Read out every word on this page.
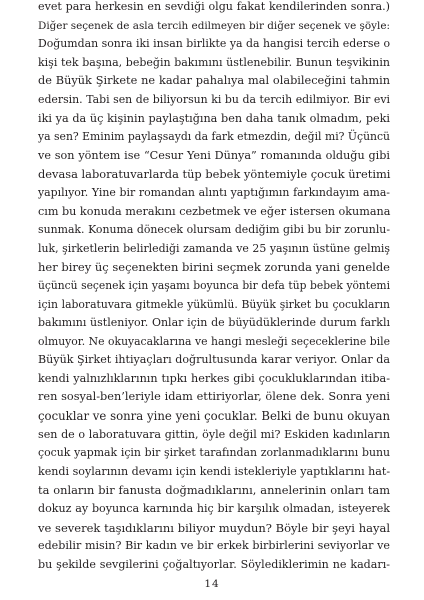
evet para herkesin en sevdiği olgu fakat kendilerinden sonra.)
Diğer seçenek de asla tercih edilmeyen bir diğer seçenek ve şöyle:
Doğumdan sonra iki insan birlikte ya da hangisi tercih ederse o
kişi tek başına, bebeğin bakımını üstlenebilir. Bunun teşvikinin
de Büyük Şirkete ne kadar pahalıya mal olabileceğini tahmin
edersin. Tabi sen de biliyorsun ki bu da tercih edilmiyor. Bir evi
iki ya da üç kişinin paylaştığına ben daha tanık olmadım, peki
ya sen? Eminim paylaşsaydı da fark etmezdin, değil mi? Üçüncü
ve son yöntem ise “Cesur Yeni Dünya” romanında olduğu gibi
devasa laboratuvarlarda tüp bebek yöntemiyle çocuk üretimi
yapılıyor. Yine bir romandan alıntı yaptığımın farkındayım ama-
cım bu konuda merakını cezbetmek ve eğer istersen okumana
sunmak. Konuma dönecek olursam dediğim gibi bu bir zorunlu-
luk, şirketlerin belirlediği zamanda ve 25 yaşının üstüne gelmiş
her birey üç seçenekten birini seçmek zorunda yani genelde
üçüncü seçenek için yaşamı boyunca bir defa tüp bebek yöntemi
için laboratuvara gitmekle yükümlü. Büyük şirket bu çocukların
bakımını üstleniyor. Onlar için de büyüdüklerinde durum farklı
olmuyor. Ne okuyacaklarına ve hangi mesleği seçeceklerine bile
Büyük Şirket ihtiyaçları doğrultusunda karar veriyor. Onlar da
kendi yalnızlıklarının tıpkı herkes gibi çocukluklarından itiba-
ren sosyal-ben’leriyle idam ettiriyorlar, ölene dek. Sonra yeni
çocuklar ve sonra yine yeni çocuklar. Belki de bunu okuyan
sen de o laboratuvara gittin, öyle değil mi? Eskiden kadınların
çocuk yapmak için bir şirket tarafından zorlanmadıklarını bunu
kendi soylarının devamı için kendi istekleriyle yaptıklarını hat-
ta onların bir fanusta doğmadıklarını, annelerinin onları tam
dokuz ay boyunca karnında hiç bir karşılık olmadan, isteyerek
ve severek taşıdıklarını biliyor muydun? Böyle bir şeyi hayal
edebilir misin? Bir kadın ve bir erkek birbirlerini seviyorlar ve
bu şekilde sevgilerini çoğaltıyorlar. Söylediklerimin ne kadarı-
14
